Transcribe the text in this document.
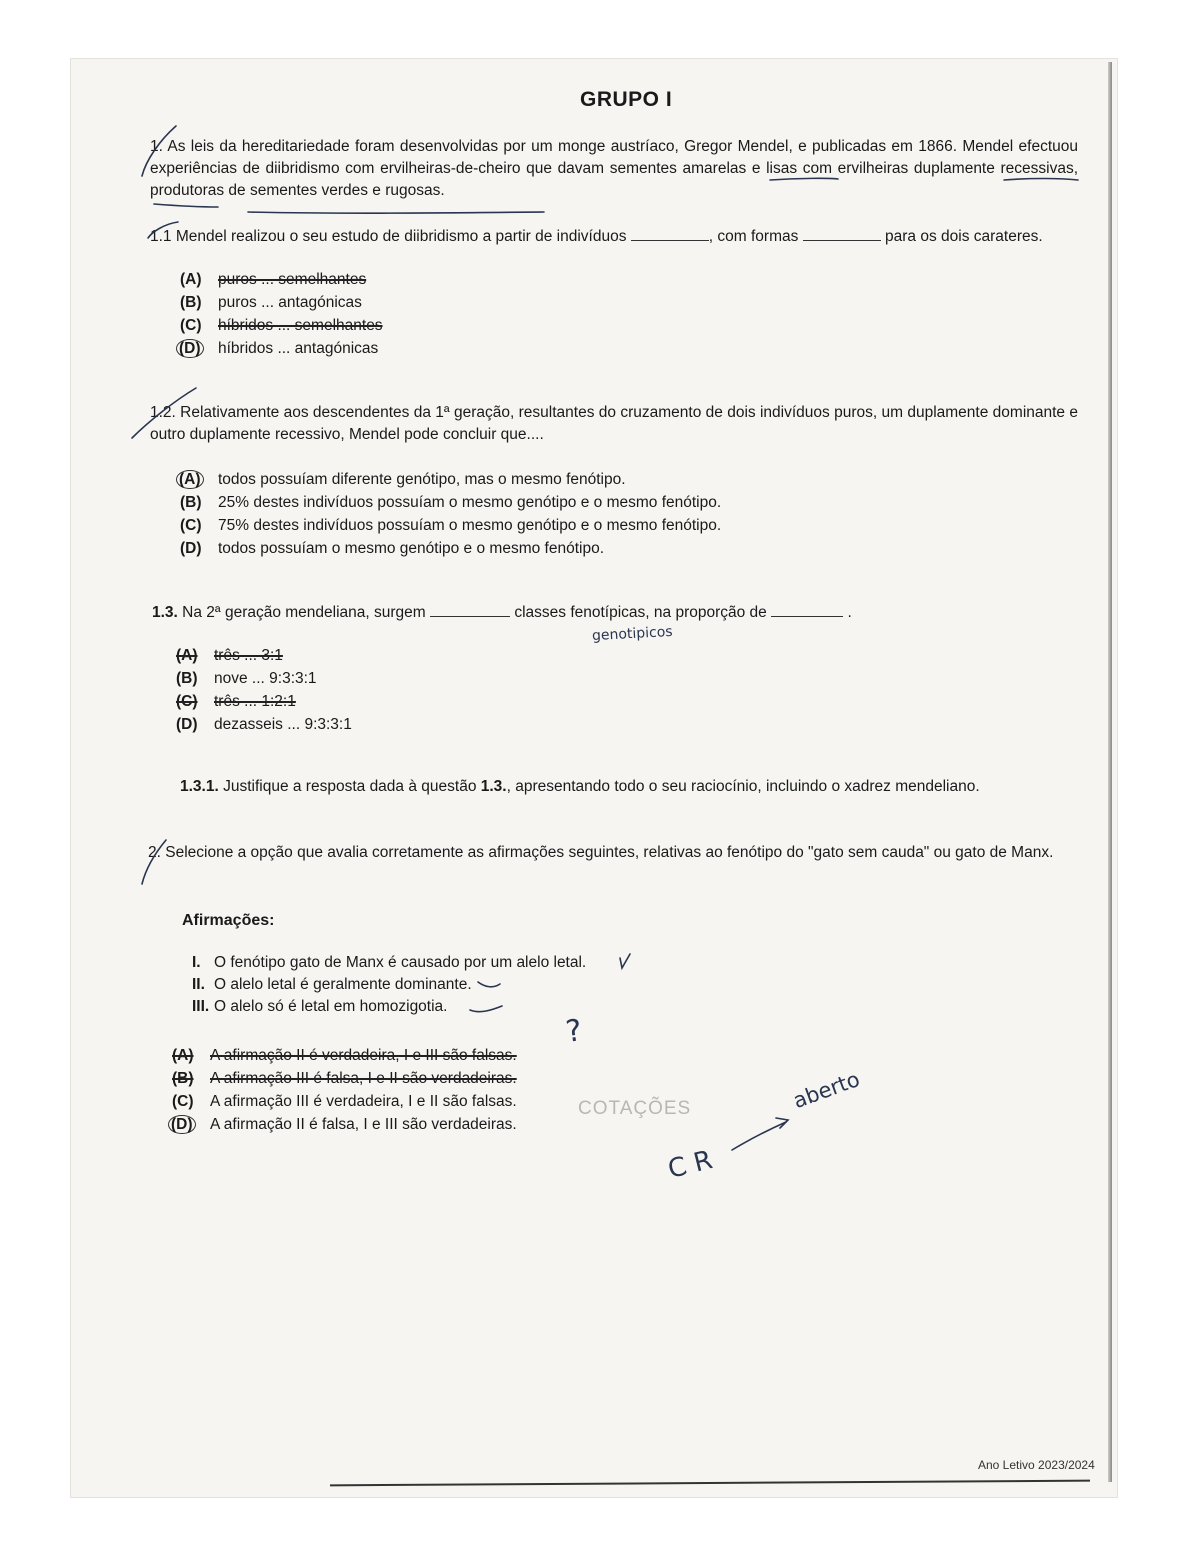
COTAÇÕES
GRUPO I
1. As leis da hereditariedade foram desenvolvidas por um monge austríaco, Gregor Mendel, e publicadas em 1866. Mendel efectuou experiências de diibridismo com ervilheiras-de-cheiro que davam sementes amarelas e lisas com ervilheiras duplamente recessivas, produtoras de sementes verdes e rugosas.
1.1 Mendel realizou o seu estudo de diibridismo a partir de indivíduos	, com formas	para os dois carateres.
(A)	puros ... semelhantes
(B)	puros ... antagónicas
(C)	híbridos ... semelhantes
(D)	híbridos ... antagónicas
1.2. Relativamente aos descendentes da 1ª geração, resultantes do cruzamento de dois indivíduos puros, um duplamente dominante e outro duplamente recessivo, Mendel pode concluir que....
(A)	todos possuíam diferente genótipo, mas o mesmo fenótipo.
(B)	25% destes indivíduos possuíam o mesmo genótipo e o mesmo fenótipo.
(C)	75% destes indivíduos possuíam o mesmo genótipo e o mesmo fenótipo.
(D)	todos possuíam o mesmo genótipo e o mesmo fenótipo.
1.3. Na 2ª geração mendeliana, surgem	classes fenotípicas, na proporção de	.
genotipicos
(A)	três ... 3:1
(B)	nove ... 9:3:3:1
(C)	três ... 1:2:1
(D)	dezasseis ... 9:3:3:1
1.3.1. Justifique a resposta dada à questão 1.3., apresentando todo o seu raciocínio, incluindo o xadrez mendeliano.
2. Selecione a opção que avalia corretamente as afirmações seguintes, relativas ao fenótipo do "gato sem cauda" ou gato de Manx.
Afirmações:
I. O fenótipo gato de Manx é causado por um alelo letal.
II. O alelo letal é geralmente dominante.
III. O alelo só é letal em homozigotia.
(A)	A afirmação II é verdadeira, I e III são falsas.
(B)	A afirmação III é falsa, I e II são verdadeiras.
(C)	A afirmação III é verdadeira, I e II são falsas.
(D)	A afirmação II é falsa, I e III são verdadeiras.
?
C R
aberto
Ano Letivo 2023/2024
